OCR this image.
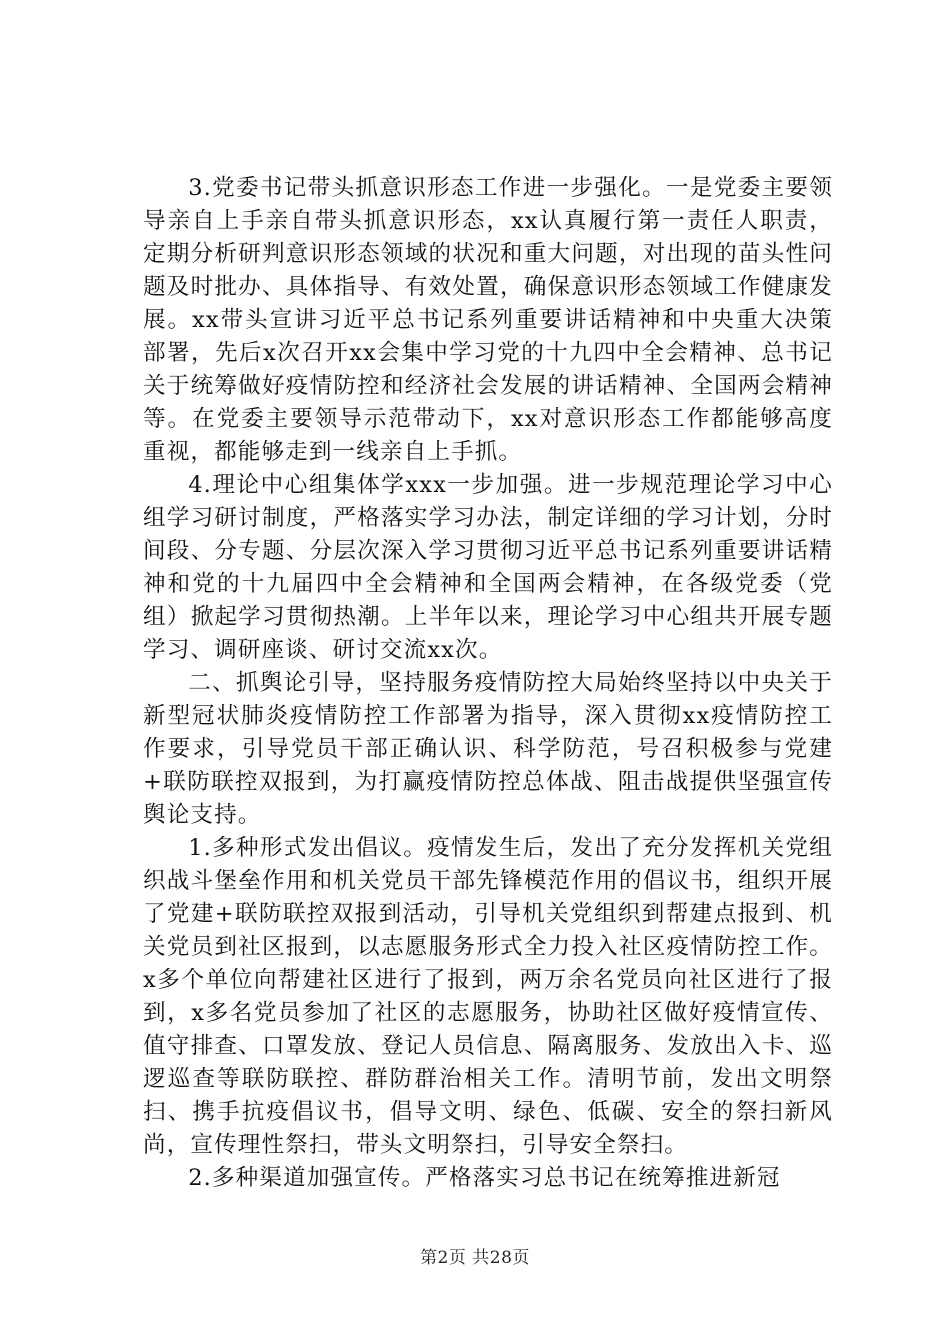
3.党委书记带头抓意识形态工作进一步强化。一是党委主要领导亲自上手亲自带头抓意识形态，xx认真履行第一责任人职责，定期分析研判意识形态领域的状况和重大问题，对出现的苗头性问题及时批办、具体指导、有效处置，确保意识形态领域工作健康发展。xx带头宣讲习近平总书记系列重要讲话精神和中央重大决策部署，先后x次召开xx会集中学习党的十九四中全会精神、总书记关于统筹做好疫情防控和经济社会发展的讲话精神、全国两会精神等。在党委主要领导示范带动下，xx对意识形态工作都能够高度重视，都能够走到一线亲自上手抓。

4.理论中心组集体学xxx一步加强。进一步规范理论学习中心组学习研讨制度，严格落实学习办法，制定详细的学习计划，分时间段、分专题、分层次深入学习贯彻习近平总书记系列重要讲话精神和党的十九届四中全会精神和全国两会精神，在各级党委（党组）掀起学习贯彻热潮。上半年以来，理论学习中心组共开展专题学习、调研座谈、研讨交流xx次。

二、抓舆论引导，坚持服务疫情防控大局始终坚持以中央关于新型冠状肺炎疫情防控工作部署为指导，深入贯彻xx疫情防控工作要求，引导党员干部正确认识、科学防范，号召积极参与党建+联防联控双报到，为打赢疫情防控总体战、阻击战提供坚强宣传舆论支持。

1.多种形式发出倡议。疫情发生后，发出了充分发挥机关党组织战斗堡垒作用和机关党员干部先锋模范作用的倡议书，组织开展了党建+联防联控双报到活动，引导机关党组织到帮建点报到、机关党员到社区报到，以志愿服务形式全力投入社区疫情防控工作。x多个单位向帮建社区进行了报到，两万余名党员向社区进行了报到，x多名党员参加了社区的志愿服务，协助社区做好疫情宣传、值守排查、口罩发放、登记人员信息、隔离服务、发放出入卡、巡逻巡查等联防联控、群防群治相关工作。清明节前，发出文明祭扫、携手抗疫倡议书，倡导文明、绿色、低碳、安全的祭扫新风尚，宣传理性祭扫，带头文明祭扫，引导安全祭扫。

2.多种渠道加强宣传。严格落实习总书记在统筹推进新冠

第2页 共28页
